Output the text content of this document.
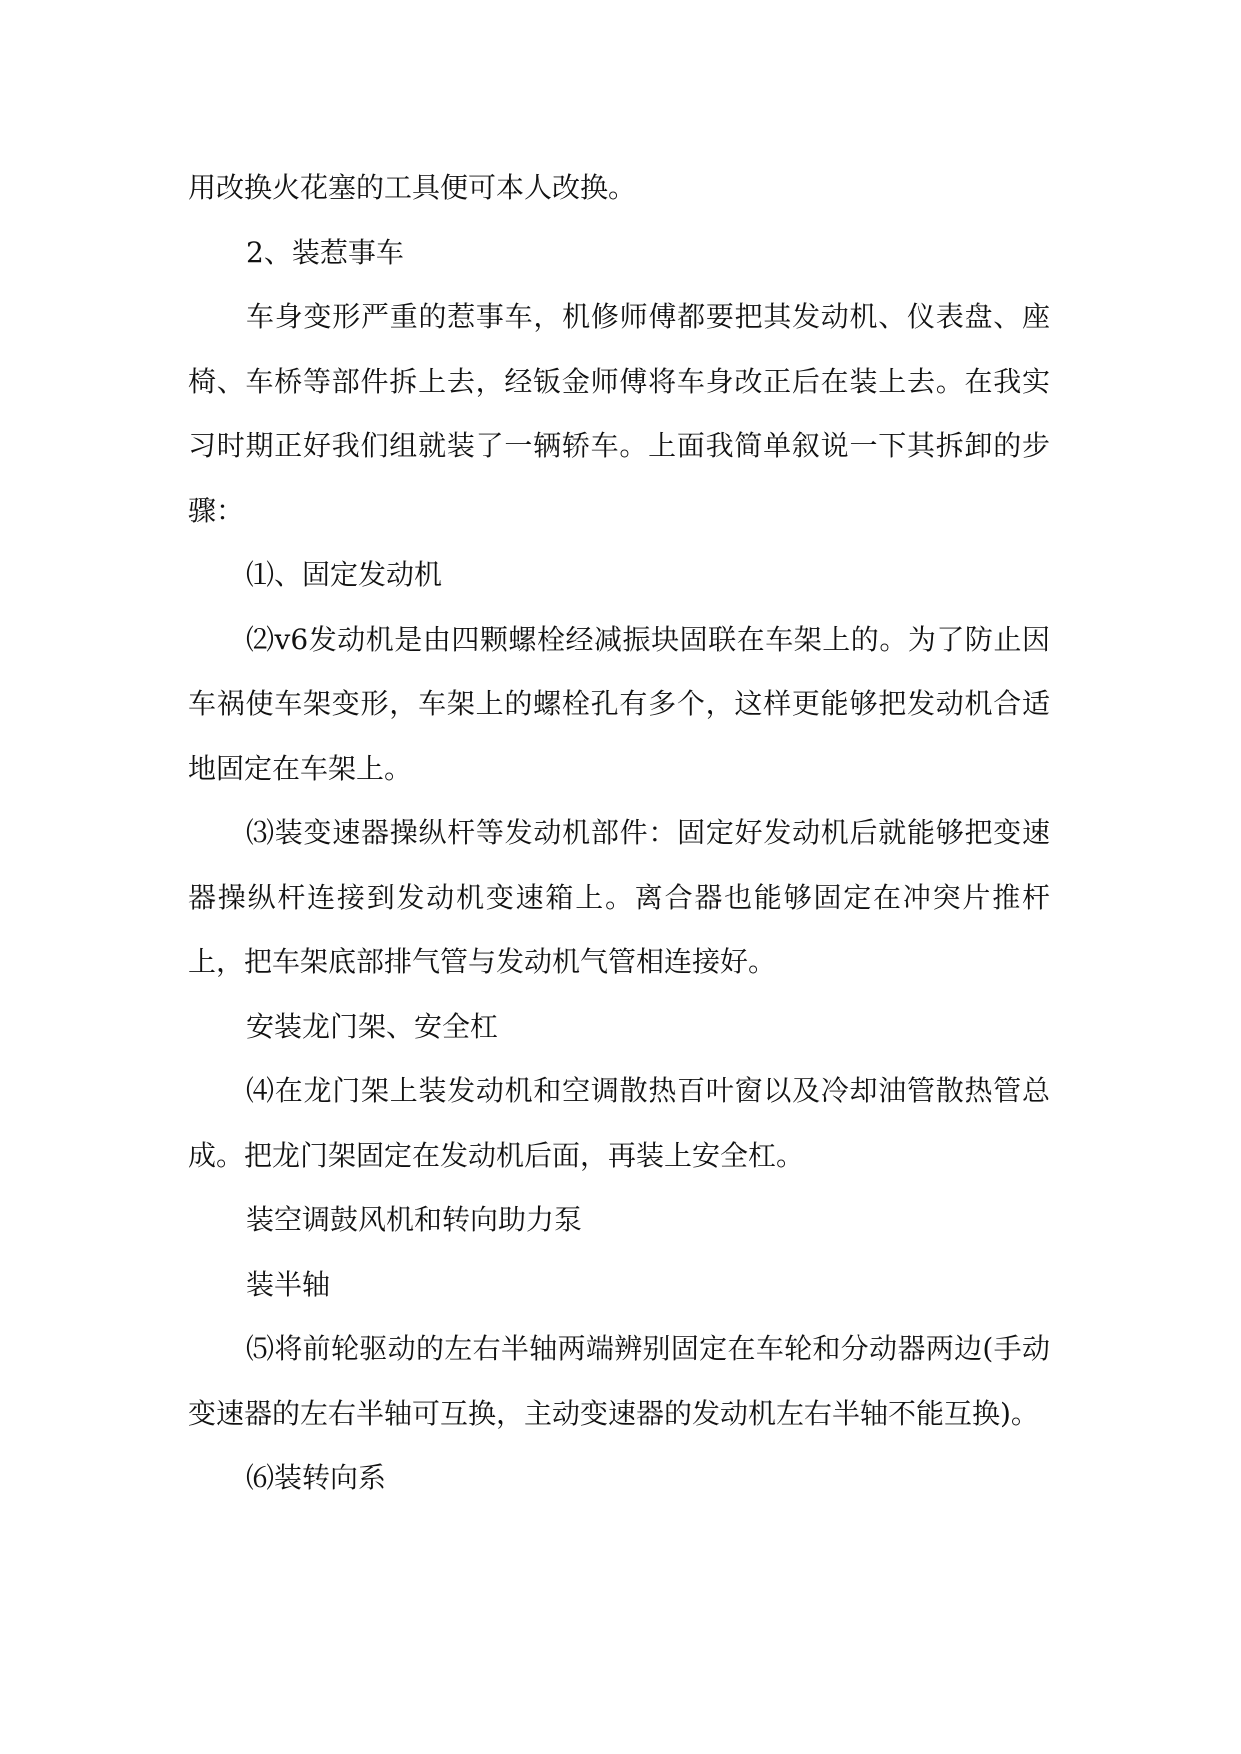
用改换火花塞的工具便可本人改换。

2、装惹事车

车身变形严重的惹事车，机修师傅都要把其发动机、仪表盘、座椅、车桥等部件拆上去，经钣金师傅将车身改正后在装上去。在我实习时期正好我们组就装了一辆轿车。上面我简单叙说一下其拆卸的步骤：

⑴、固定发动机

⑵v6发动机是由四颗螺栓经减振块固联在车架上的。为了防止因车祸使车架变形，车架上的螺栓孔有多个，这样更能够把发动机合适地固定在车架上。

⑶装变速器操纵杆等发动机部件：固定好发动机后就能够把变速器操纵杆连接到发动机变速箱上。离合器也能够固定在冲突片推杆上，把车架底部排气管与发动机气管相连接好。

安装龙门架、安全杠

⑷在龙门架上装发动机和空调散热百叶窗以及冷却油管散热管总成。把龙门架固定在发动机后面，再装上安全杠。

装空调鼓风机和转向助力泵

装半轴

⑸将前轮驱动的左右半轴两端辨别固定在车轮和分动器两边(手动变速器的左右半轴可互换，主动变速器的发动机左右半轴不能互换)。

⑹装转向系
